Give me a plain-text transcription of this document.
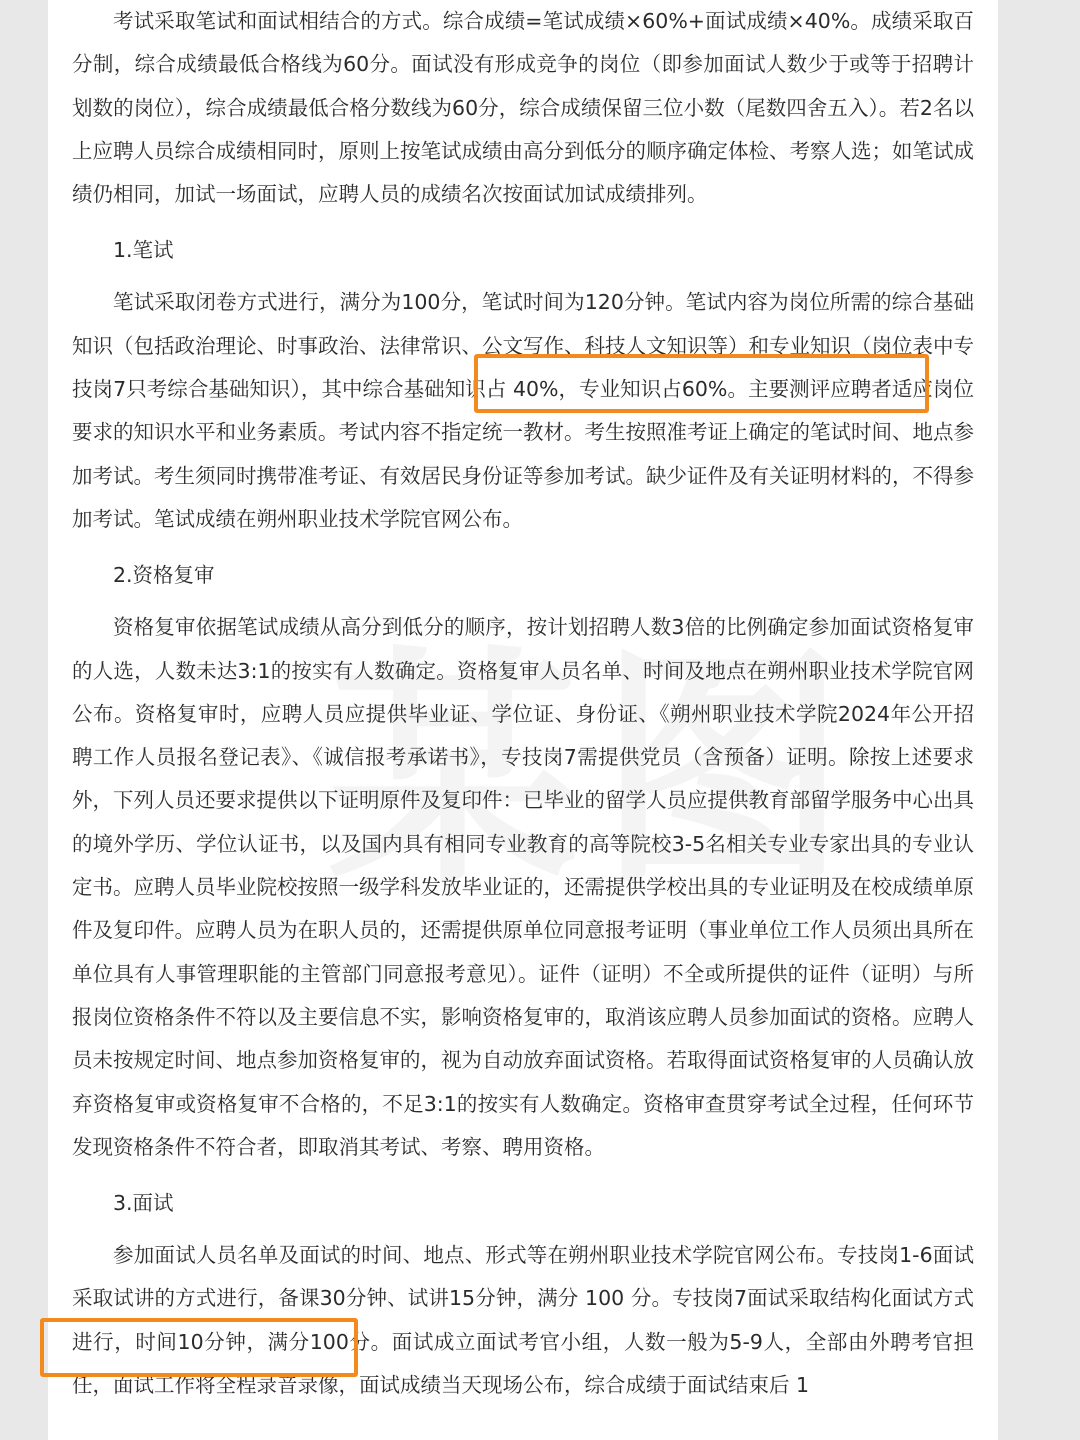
考试采取笔试和面试相结合的方式。综合成绩=笔试成绩×60%+面试成绩×40%。成绩采取百分制，综合成绩最低合格线为60分。面试没有形成竞争的岗位（即参加面试人数少于或等于招聘计划数的岗位），综合成绩最低合格分数线为60分，综合成绩保留三位小数（尾数四舍五入）。若2名以上应聘人员综合成绩相同时，原则上按笔试成绩由高分到低分的顺序确定体检、考察人选；如笔试成绩仍相同，加试一场面试，应聘人员的成绩名次按面试加试成绩排列。

1.笔试

笔试采取闭卷方式进行，满分为100分，笔试时间为120分钟。笔试内容为岗位所需的综合基础知识（包括政治理论、时事政治、法律常识、公文写作、科技人文知识等）和专业知识（岗位表中专技岗7只考综合基础知识），其中综合基础知识占 40%，专业知识占60%。主要测评应聘者适应岗位要求的知识水平和业务素质。考试内容不指定统一教材。考生按照准考证上确定的笔试时间、地点参加考试。考生须同时携带准考证、有效居民身份证等参加考试。缺少证件及有关证明材料的，不得参加考试。笔试成绩在朔州职业技术学院官网公布。

2.资格复审

资格复审依据笔试成绩从高分到低分的顺序，按计划招聘人数3倍的比例确定参加面试资格复审的人选，人数未达3:1的按实有人数确定。资格复审人员名单、时间及地点在朔州职业技术学院官网公布。资格复审时，应聘人员应提供毕业证、学位证、身份证、《朔州职业技术学院2024年公开招聘工作人员报名登记表》、《诚信报考承诺书》，专技岗7需提供党员（含预备）证明。除按上述要求外，下列人员还要求提供以下证明原件及复印件：已毕业的留学人员应提供教育部留学服务中心出具的境外学历、学位认证书，以及国内具有相同专业教育的高等院校3-5名相关专业专家出具的专业认定书。应聘人员毕业院校按照一级学科发放毕业证的，还需提供学校出具的专业证明及在校成绩单原件及复印件。应聘人员为在职人员的，还需提供原单位同意报考证明（事业单位工作人员须出具所在单位具有人事管理职能的主管部门同意报考意见）。证件（证明）不全或所提供的证件（证明）与所报岗位资格条件不符以及主要信息不实，影响资格复审的，取消该应聘人员参加面试的资格。应聘人员未按规定时间、地点参加资格复审的，视为自动放弃面试资格。若取得面试资格复审的人员确认放弃资格复审或资格复审不合格的，不足3:1的按实有人数确定。资格审查贯穿考试全过程，任何环节发现资格条件不符合者，即取消其考试、考察、聘用资格。

3.面试

参加面试人员名单及面试的时间、地点、形式等在朔州职业技术学院官网公布。专技岗1-6面试采取试讲的方式进行，备课30分钟、试讲15分钟，满分 100 分。专技岗7面试采取结构化面试方式进行，时间10分钟，满分100分。面试成立面试考官小组，人数一般为5-9人，全部由外聘考官担任，面试工作将全程录音录像，面试成绩当天现场公布，综合成绩于面试结束后 1
